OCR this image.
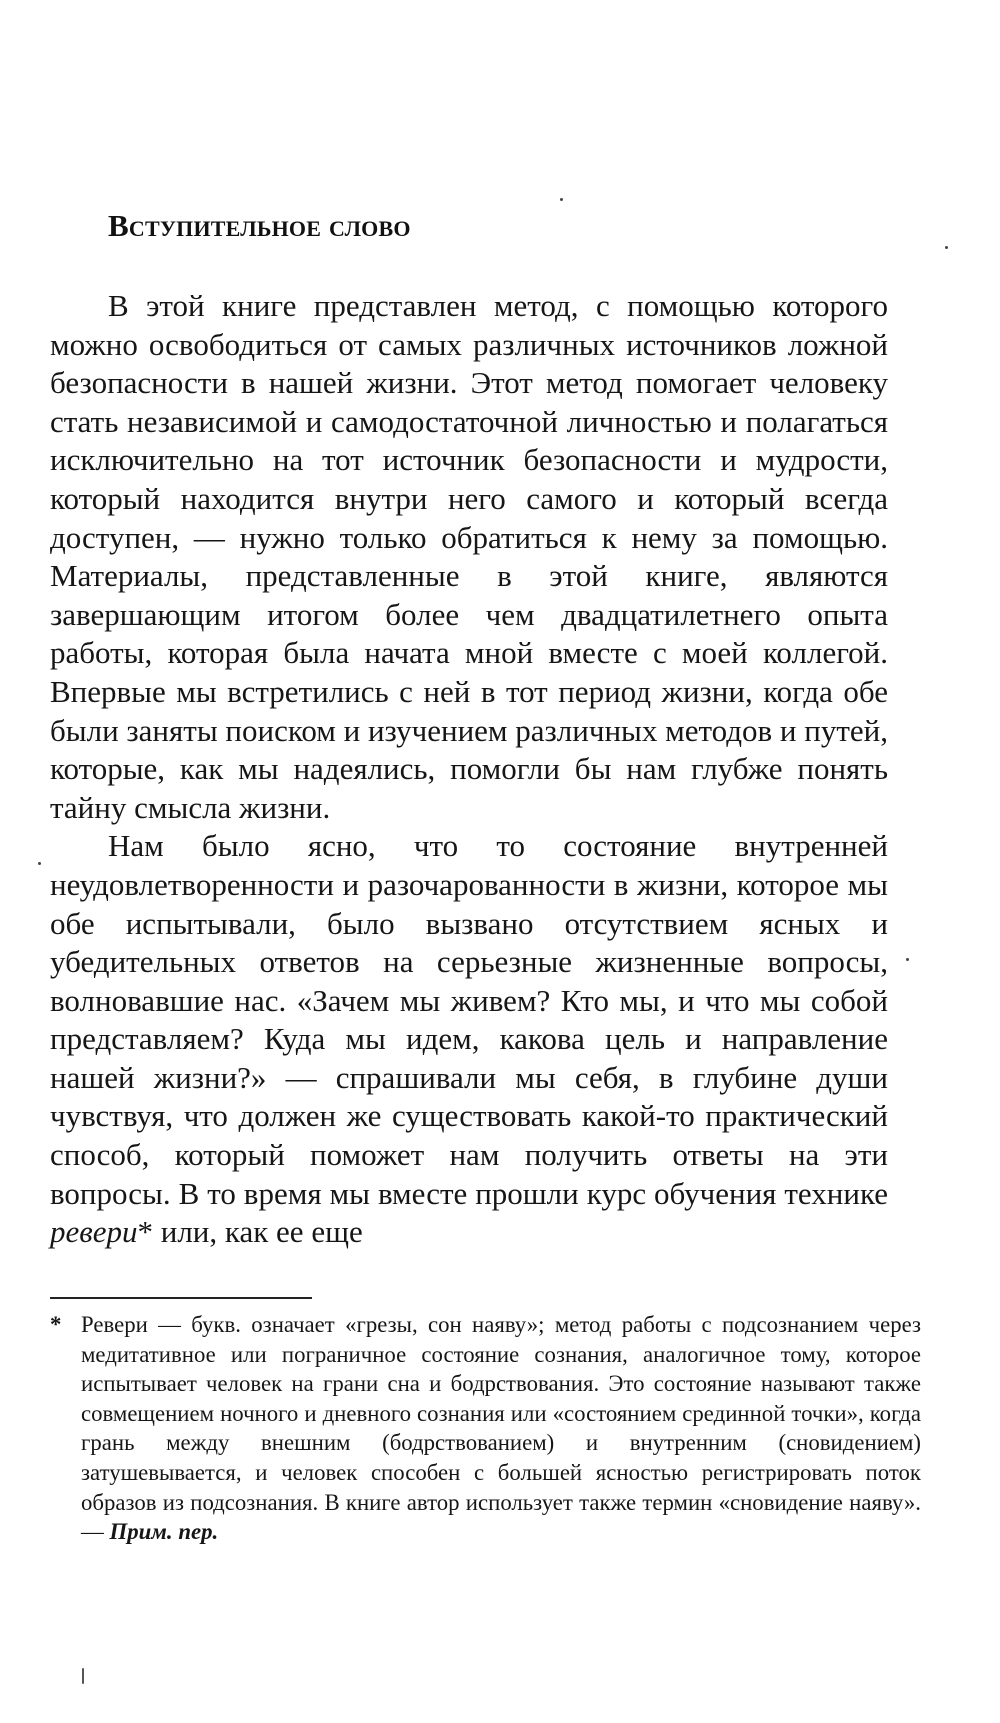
Вступительное слово

В этой книге представлен метод, с помощью которого можно освободиться от самых различных источников ложной безопасности в нашей жизни. Этот метод помогает человеку стать независимой и самодостаточной личностью и полагаться исключительно на тот источник безопасности и мудрости, который находится внутри него самого и который всегда доступен, — нужно только обратиться к нему за помощью. Материалы, представленные в этой книге, являются завершающим итогом более чем двадцатилетнего опыта работы, которая была начата мной вместе с моей коллегой. Впервые мы встретились с ней в тот период жизни, когда обе были заняты поиском и изучением различных методов и путей, которые, как мы надеялись, помогли бы нам глубже понять тайну смысла жизни.

Нам было ясно, что то состояние внутренней неудовлетворенности и разочарованности в жизни, которое мы обе испытывали, было вызвано отсутствием ясных и убедительных ответов на серьезные жизненные вопросы, волновавшие нас. «Зачем мы живем? Кто мы, и что мы собой представляем? Куда мы идем, какова цель и направление нашей жизни?» — спрашивали мы себя, в глубине души чувствуя, что должен же существовать какой-то практический способ, который поможет нам получить ответы на эти вопросы. В то время мы вместе прошли курс обучения технике ревери* или, как ее еще

* Ревери — букв. означает «грезы, сон наяву»; метод работы с подсознанием через медитативное или пограничное состояние сознания, аналогичное тому, которое испытывает человек на грани сна и бодрствования. Это состояние называют также совмещением ночного и дневного сознания или «состоянием срединной точки», когда грань между внешним (бодрствованием) и внутренним (сновидением) затушевывается, и человек способен с большей ясностью регистрировать поток образов из подсознания. В книге автор использует также термин «сновидение наяву». — Прим. пер.
